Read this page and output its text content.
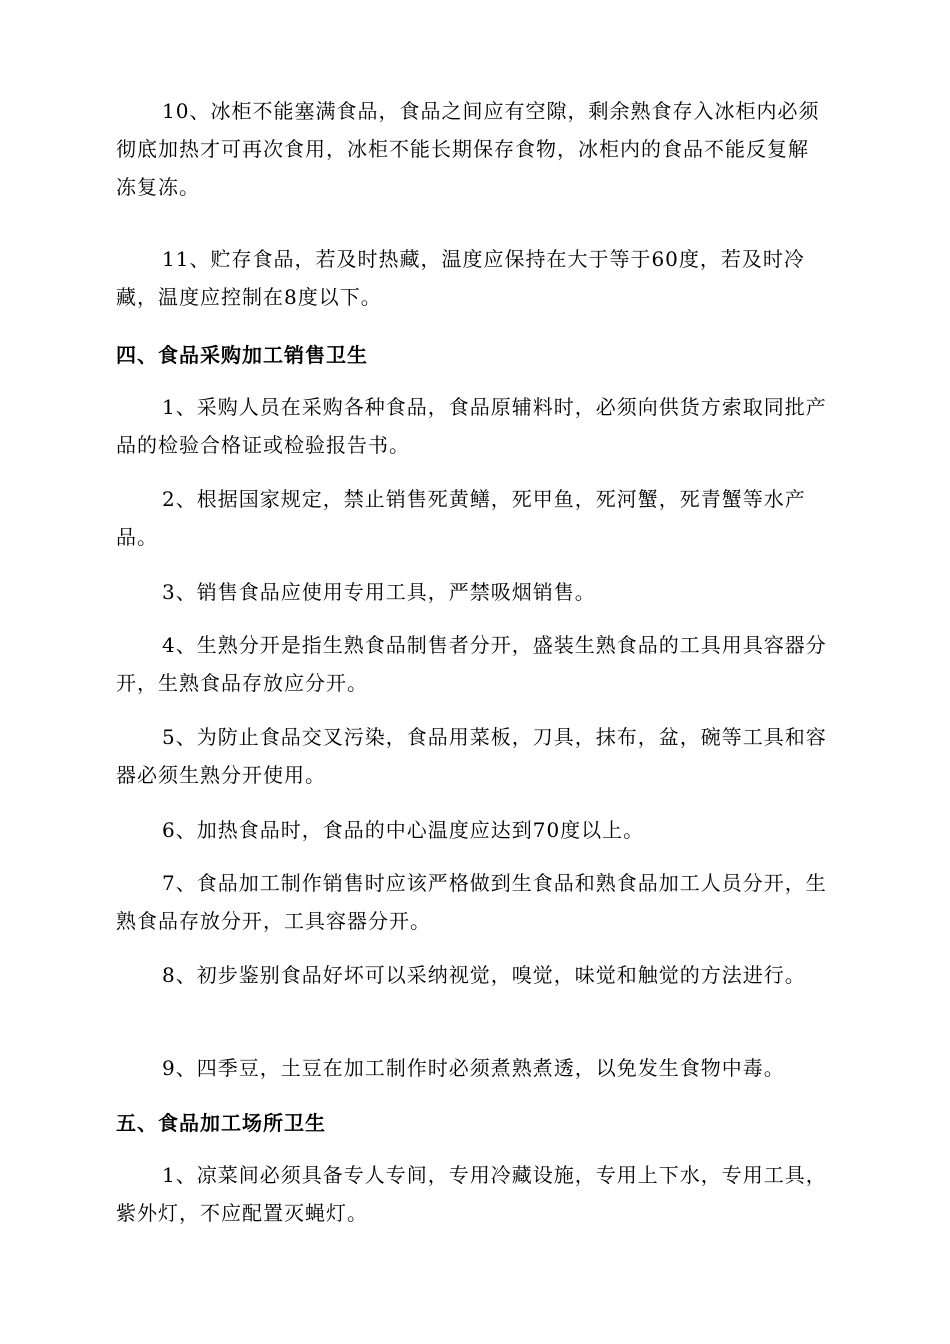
10、冰柜不能塞满食品，食品之间应有空隙，剩余熟食存入冰柜内必须彻底加热才可再次食用，冰柜不能长期保存食物，冰柜内的食品不能反复解冻复冻。

11、贮存食品，若及时热藏，温度应保持在大于等于60度，若及时冷藏，温度应控制在8度以下。

四、食品采购加工销售卫生

1、采购人员在采购各种食品，食品原辅料时，必须向供货方索取同批产品的检验合格证或检验报告书。

2、根据国家规定，禁止销售死黄鳝，死甲鱼，死河蟹，死青蟹等水产品。

3、销售食品应使用专用工具，严禁吸烟销售。

4、生熟分开是指生熟食品制售者分开，盛装生熟食品的工具用具容器分开，生熟食品存放应分开。

5、为防止食品交叉污染，食品用菜板，刀具，抹布，盆，碗等工具和容器必须生熟分开使用。

6、加热食品时，食品的中心温度应达到70度以上。

7、食品加工制作销售时应该严格做到生食品和熟食品加工人员分开，生熟食品存放分开，工具容器分开。

8、初步鉴别食品好坏可以采纳视觉，嗅觉，味觉和触觉的方法进行。

9、四季豆，土豆在加工制作时必须煮熟煮透，以免发生食物中毒。

五、食品加工场所卫生

1、凉菜间必须具备专人专间，专用冷藏设施，专用上下水，专用工具，紫外灯，不应配置灭蝇灯。
